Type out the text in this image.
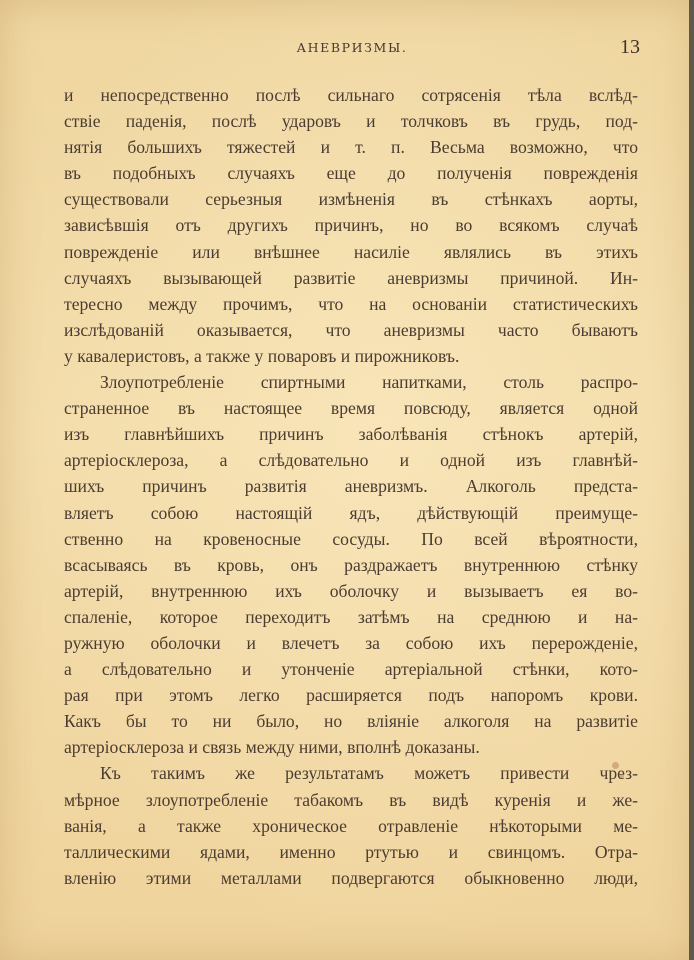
АНЕВРИЗМЫ.	13
и непосредственно послѣ сильнаго сотрясенія тѣла вслѣд-
ствіе паденія, послѣ ударовъ и толчковъ въ грудь, под-
нятія большихъ тяжестей и т. п. Весьма возможно, что
въ подобныхъ случаяхъ еще до полученія поврежденія
существовали серьезныя измѣненія въ стѣнкахъ аорты,
зависѣвшія отъ другихъ причинъ, но во всякомъ случаѣ
поврежденіе или внѣшнее насиліе являлись въ этихъ
случаяхъ вызывающей развитіе аневризмы причиной. Ин-
тересно между прочимъ, что на основаніи статистическихъ
изслѣдованій оказывается, что аневризмы часто бываютъ
у кавалеристовъ, а также у поваровъ и пирожниковъ.
Злоупотребленіе спиртными напитками, столь распро-
страненное въ настоящее время повсюду, является одной
изъ главнѣйшихъ причинъ заболѣванія стѣнокъ артерій,
артеріосклероза, а слѣдовательно и одной изъ главнѣй-
шихъ причинъ развитія аневризмъ. Алкоголь предста-
вляетъ собою настоящій ядъ, дѣйствующій преимуще-
ственно на кровеносные сосуды. По всей вѣроятности,
всасываясь въ кровь, онъ раздражаетъ внутреннюю стѣнку
артерій, внутреннюю ихъ оболочку и вызываетъ ея во-
спаленіе, которое переходитъ затѣмъ на среднюю и на-
ружную оболочки и влечетъ за собою ихъ перерожденіе,
а слѣдовательно и утонченіе артеріальной стѣнки, кото-
рая при этомъ легко расширяется подъ напоромъ крови.
Какъ бы то ни было, но вліяніе алкоголя на развитіе
артеріосклероза и связь между ними, вполнѣ доказаны.
Къ такимъ же результатамъ можетъ привести чрез-
мѣрное злоупотребленіе табакомъ въ видѣ куренія и же-
ванія, а также хроническое отравленіе нѣкоторыми ме-
таллическими ядами, именно ртутью и свинцомъ. Отра-
вленію этими металлами подвергаются обыкновенно люди,
